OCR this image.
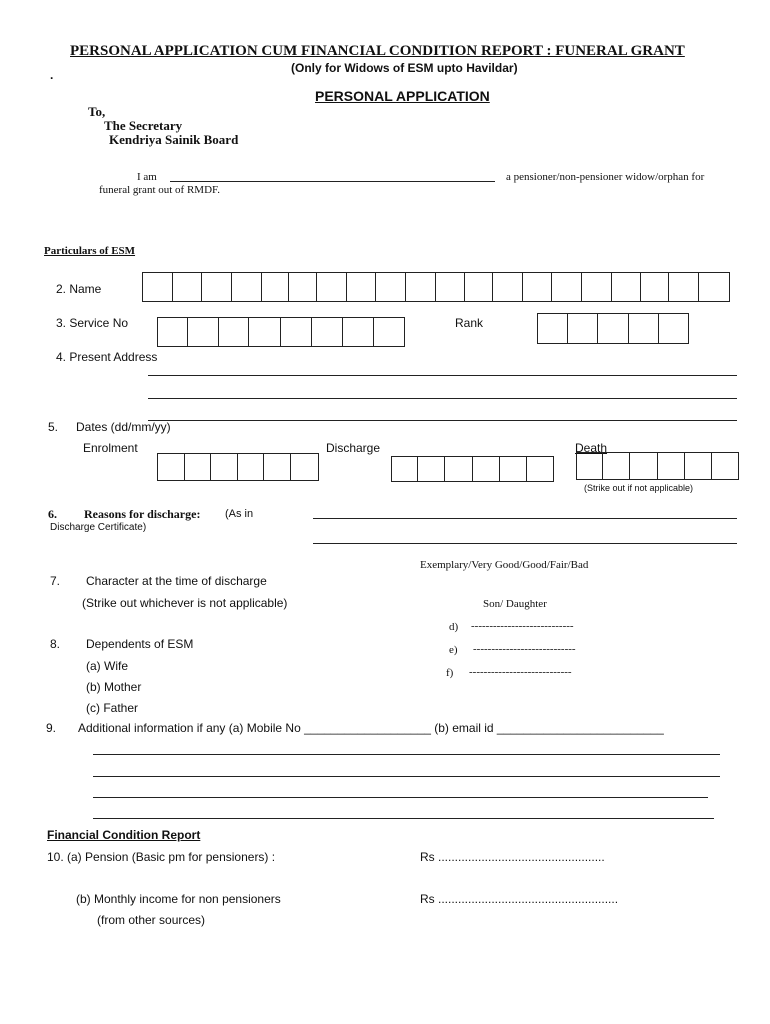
PERSONAL APPLICATION CUM FINANCIAL CONDITION REPORT : FUNERAL GRANT
(Only for Widows of ESM upto Havildar)
.
PERSONAL APPLICATION
To,
The Secretary
Kendriya Sainik Board
I am	a pensioner/non-pensioner widow/orphan for
funeral grant out of RMDF.
Particulars of ESM
2. Name
3. Service No	Rank
4. Present Address
5. Dates (dd/mm/yy)
Enrolment	Discharge	Death
(Strike out if not applicable)
6. Reasons for discharge: (As in
Discharge Certificate)
Exemplary/Very Good/Good/Fair/Bad
7. Character at the time of discharge
(Strike out whichever is not applicable)	Son/ Daughter
d) ----------------------------
e) ----------------------------
f) ----------------------------
8. Dependents of ESM
(a) Wife
(b) Mother
(c) Father
9. Additional information if any (a) Mobile No ___________________ (b) email id _________________________
Financial Condition Report
10. (a) Pension (Basic pm for pensioners) :	Rs ..................................................
(b) Monthly income for non pensioners	Rs ......................................................
(from other sources)
